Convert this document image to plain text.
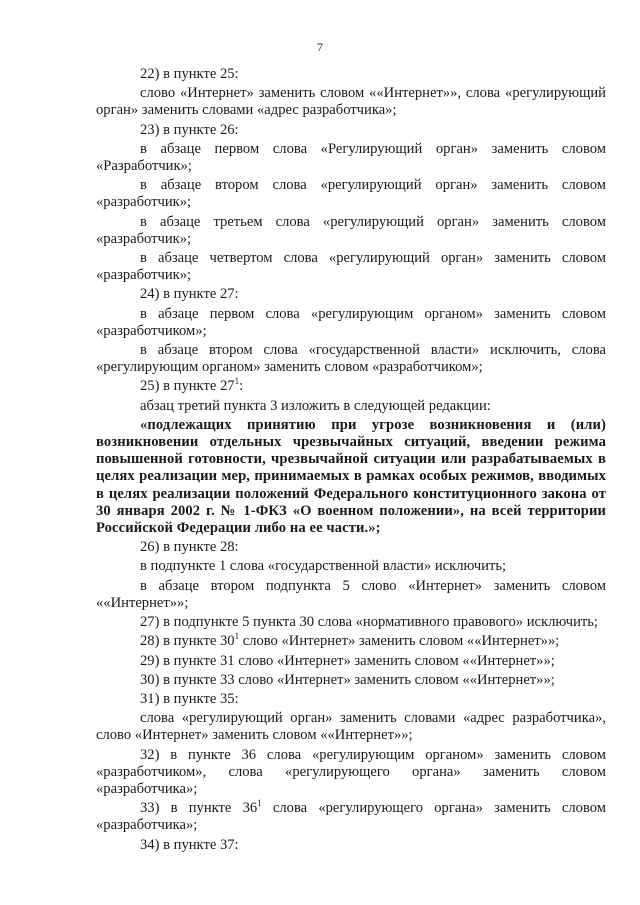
7

22) в пункте 25:

слово «Интернет» заменить словом ««Интернет»», слова «регулирующий орган» заменить словами «адрес разработчика»;

23) в пункте 26:

в абзаце первом слова «Регулирующий орган» заменить словом «Разработчик»;

в абзаце втором слова «регулирующий орган» заменить словом «разработчик»;

в абзаце третьем слова «регулирующий орган» заменить словом «разработчик»;

в абзаце четвертом слова «регулирующий орган» заменить словом «разработчик»;

24) в пункте 27:

в абзаце первом слова «регулирующим органом» заменить словом «разработчиком»;

в абзаце втором слова «государственной власти» исключить, слова «регулирующим органом» заменить словом «разработчиком»;

25) в пункте $27^1$:

абзац третий пункта 3 изложить в следующей редакции:

«подлежащих принятию при угрозе возникновения и (или) возникновении отдельных чрезвычайных ситуаций, введении режима повышенной готовности, чрезвычайной ситуации или разрабатываемых в целях реализации мер, принимаемых в рамках особых режимов, вводимых в целях реализации положений Федерального конституционного закона от 30 января 2002 г. № 1-ФКЗ «О военном положении», на всей территории Российской Федерации либо на ее части.»;

26) в пункте 28:

в подпункте 1 слова «государственной власти» исключить;

в абзаце втором подпункта 5 слово «Интернет» заменить словом ««Интернет»»;

27) в подпункте 5 пункта 30 слова «нормативного правового» исключить;

28) в пункте $30^1$ слово «Интернет» заменить словом ««Интернет»»;

29) в пункте 31 слово «Интернет» заменить словом ««Интернет»»;

30) в пункте 33 слово «Интернет» заменить словом ««Интернет»»;

31) в пункте 35:

слова «регулирующий орган» заменить словами «адрес разработчика», слово «Интернет» заменить словом ««Интернет»»;

32) в пункте 36 слова «регулирующим органом» заменить словом «разработчиком», слова «регулирующего органа» заменить словом «разработчика»;

33) в пункте $36^1$ слова «регулирующего органа» заменить словом «разработчика»;

34) в пункте 37:
